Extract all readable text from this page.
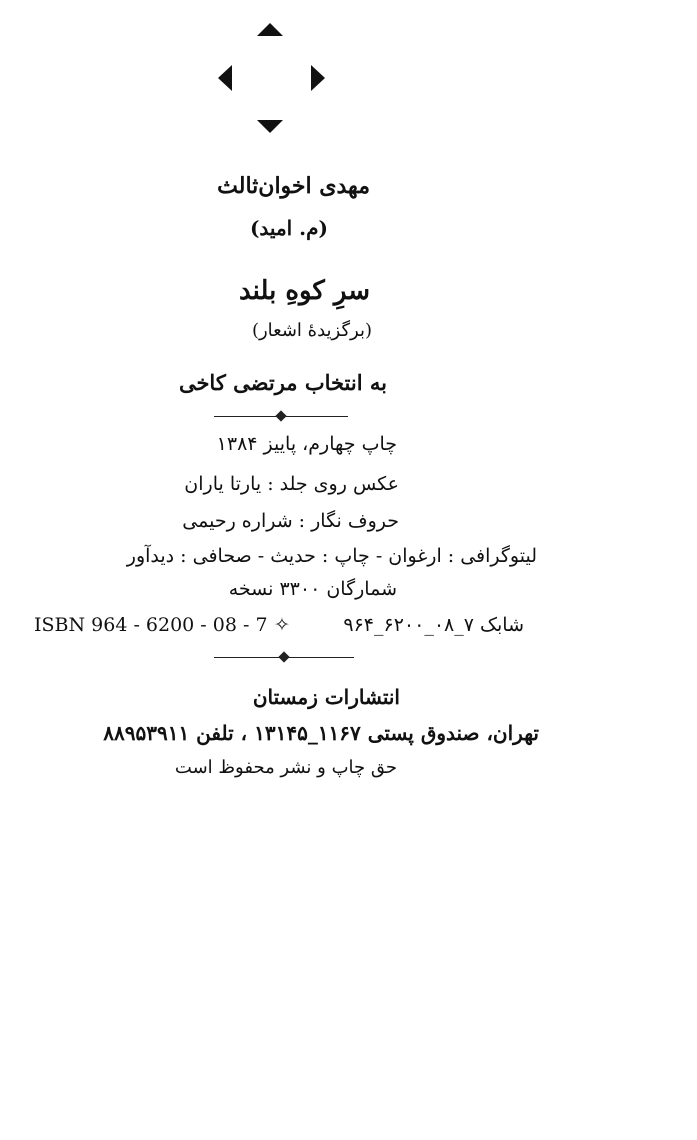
مهدی اخوان‌ثالث
(م. امید)
سرِ کوهِ بلند
(برگزیدهٔ اشعار)
به انتخاب مرتضی کاخی
چاپ چهارم، پاییز ۱۳۸۴
عکس روی جلد : یارتا یاران
حروف نگار : شراره رحیمی
لیتوگرافی : ارغوان - چاپ : حدیث - صحافی : دیدآور
شمارگان ۳۳۰۰ نسخه
ISBN 964 - 6200 - 08 - 7 ✧	شابک ۷_۰۸_۶۲۰۰_۹۶۴
انتشارات زمستان
تهران، صندوق پستی ۱۱۶۷_۱۳۱۴۵ ، تلفن ۸۸۹۵۳۹۱۱
حق چاپ و نشر محفوظ است
